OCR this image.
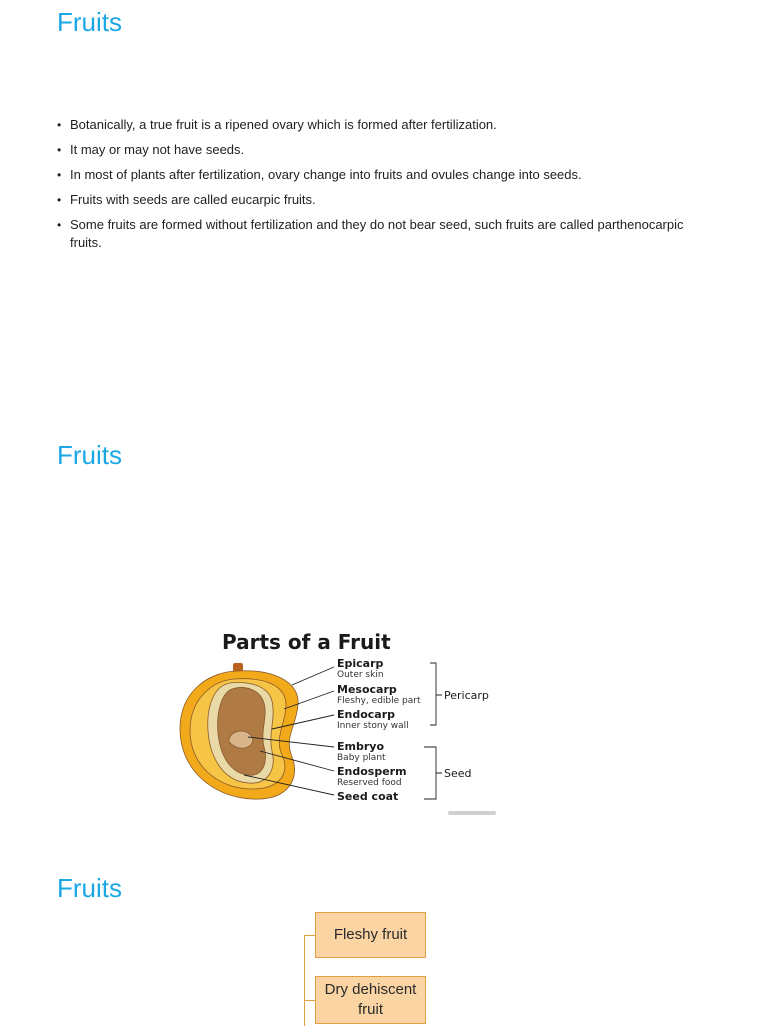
Fruits
• Botanically, a true fruit is a ripened ovary which is formed after fertilization.
• It may or may not have seeds.
• In most of plants after fertilization, ovary change into fruits and ovules change into seeds.
• Fruits with seeds are called eucarpic fruits.
• Some fruits are formed without fertilization and they do not bear seed, such fruits are called parthenocarpic fruits.
Fruits
Parts of a Fruit
Epicarp
Outer skin
Mesocarp
Fleshy, edible part
Endocarp
Inner stony wall
Embryo
Baby plant
Endosperm
Reserved food
Seed coat
Pericarp
Seed
Fruits
Fleshy fruit
Dry dehiscent fruit
